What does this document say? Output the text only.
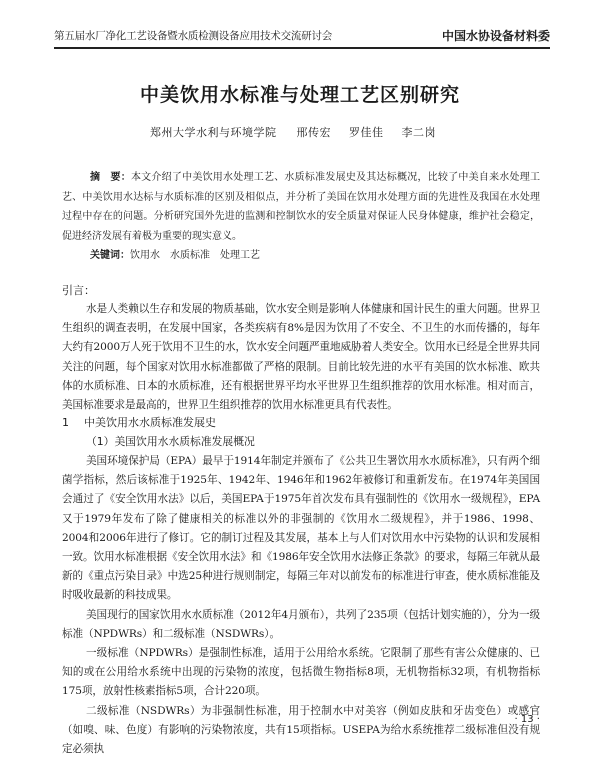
第五届水厂净化工艺设备暨水质检测设备应用技术交流研讨会	中国水协设备材料委
中美饮用水标准与处理工艺区别研究
郑州大学水利与环境学院 邢传宏 罗佳佳 李二岗
摘　要：本文介绍了中美饮用水处理工艺、水质标准发展史及其达标概况，比较了中美自来水处理工艺、中美饮用水达标与水质标准的区别及相似点，并分析了美国在饮用水处理方面的先进性及我国在水处理过程中存在的问题。分析研究国外先进的监测和控制饮水的安全质量对保证人民身体健康，维护社会稳定，促进经济发展有着极为重要的现实意义。
关键词：饮用水　水质标准　处理工艺
引言：

水是人类赖以生存和发展的物质基础，饮水安全则是影响人体健康和国计民生的重大问题。世界卫生组织的调查表明，在发展中国家，各类疾病有8%是因为饮用了不安全、不卫生的水而传播的，每年大约有2000万人死于饮用不卫生的水，饮水安全问题严重地威胁着人类安全。饮用水已经是全世界共同关注的问题，每个国家对饮用水标准都做了严格的限制。目前比较先进的水平有美国的饮水标准、欧共体的水质标准、日本的水质标准，还有根据世界平均水平世界卫生组织推荐的饮用水标准。相对而言，美国标准要求是最高的，世界卫生组织推荐的饮用水标准更具有代表性。

1 中美饮用水水质标准发展史
（1）美国饮用水水质标准发展概况

美国环境保护局（EPA）最早于1914年制定并颁布了《公共卫生署饮用水水质标准》，只有两个细菌学指标，然后该标准于1925年、1942年、1946年和1962年被修订和重新发布。在1974年美国国会通过了《安全饮用水法》以后，美国EPA于1975年首次发布具有强制性的《饮用水一级规程》，EPA又于1979年发布了除了健康相关的标准以外的非强制的《饮用水二级规程》，并于1986、1998、2004和2006年进行了修订。它的制订过程及其发展，基本上与人们对饮用水中污染物的认识和发展相一致。饮用水标准根据《安全饮用水法》和《1986年安全饮用水法修正条款》的要求，每隔三年就从最新的《重点污染目录》中选25种进行规则制定，每隔三年对以前发布的标准进行审查，使水质标准能及时吸收最新的科技成果。

美国现行的国家饮用水水质标准（2012年4月颁布），共列了235项（包括计划实施的），分为一级标准（NPDWRs）和二级标准（NSDWRs）。

一级标准（NPDWRs）是强制性标准，适用于公用给水系统。它限制了那些有害公众健康的、已知的或在公用给水系统中出现的污染物的浓度，包括微生物指标8项，无机物指标32项，有机物指标175项，放射性核素指标5项，合计220项。

二级标准（NSDWRs）为非强制性标准，用于控制水中对美容（例如皮肤和牙齿变色）或感官（如嗅、味、色度）有影响的污染物浓度，共有15项指标。USEPA为给水系统推荐二级标准但没有规定必须执

· 13 ·
